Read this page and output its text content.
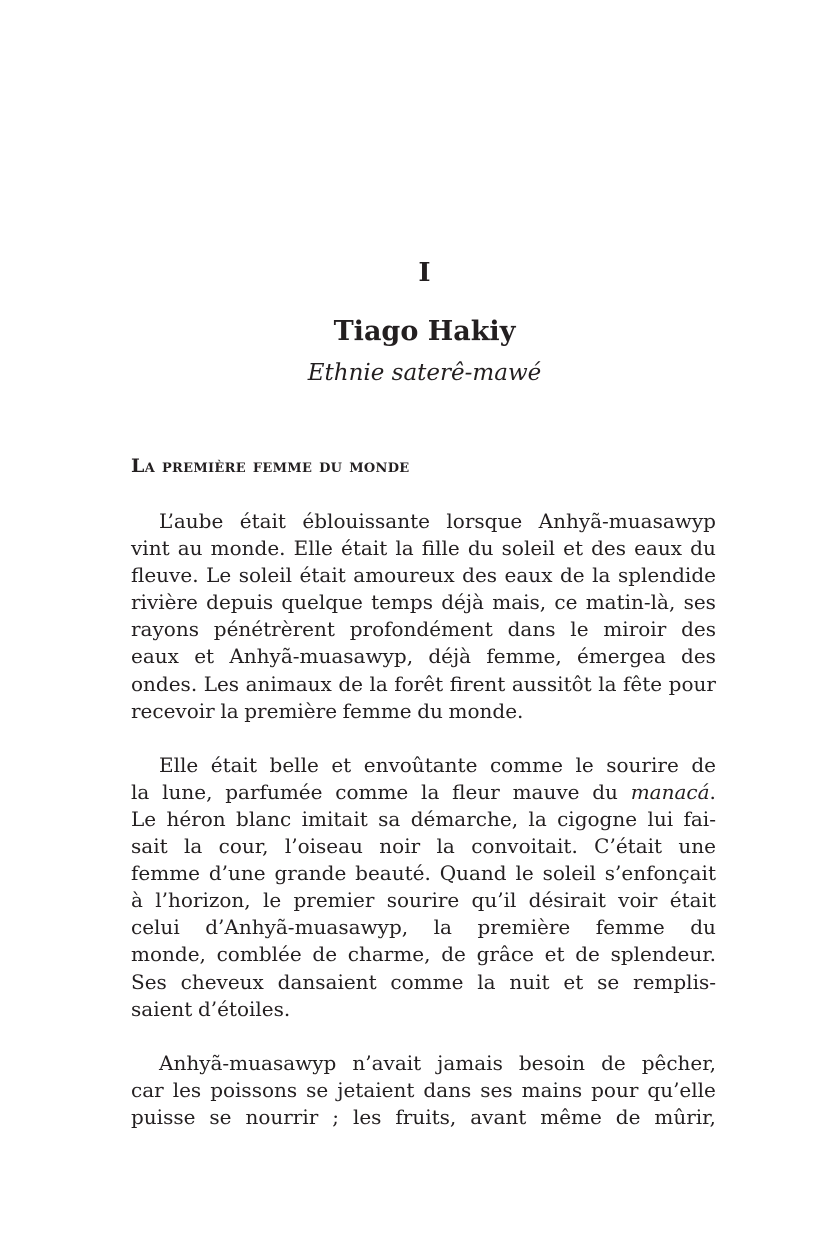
I
Tiago Hakiy
Ethnie saterê-mawé
La première femme du monde
L’aube était éblouissante lorsque Anhyã-muasawyp
vint au monde. Elle était la fille du soleil et des eaux du
fleuve. Le soleil était amoureux des eaux de la splendide
rivière depuis quelque temps déjà mais, ce matin-là, ses
rayons pénétrèrent profondément dans le miroir des
eaux et Anhyã-muasawyp, déjà femme, émergea des
ondes. Les animaux de la forêt firent aussitôt la fête pour
recevoir la première femme du monde.
Elle était belle et envoûtante comme le sourire de
la lune, parfumée comme la fleur mauve du manacá.
Le héron blanc imitait sa démarche, la cigogne lui fai-
sait la cour, l’oiseau noir la convoitait. C’était une
femme d’une grande beauté. Quand le soleil s’enfonçait
à l’horizon, le premier sourire qu’il désirait voir était
celui d’Anhyã-muasawyp, la première femme du
monde, comblée de charme, de grâce et de splendeur.
Ses cheveux dansaient comme la nuit et se remplis-
saient d’étoiles.
Anhyã-muasawyp n’avait jamais besoin de pêcher,
car les poissons se jetaient dans ses mains pour qu’elle
puisse se nourrir ; les fruits, avant même de mûrir,
